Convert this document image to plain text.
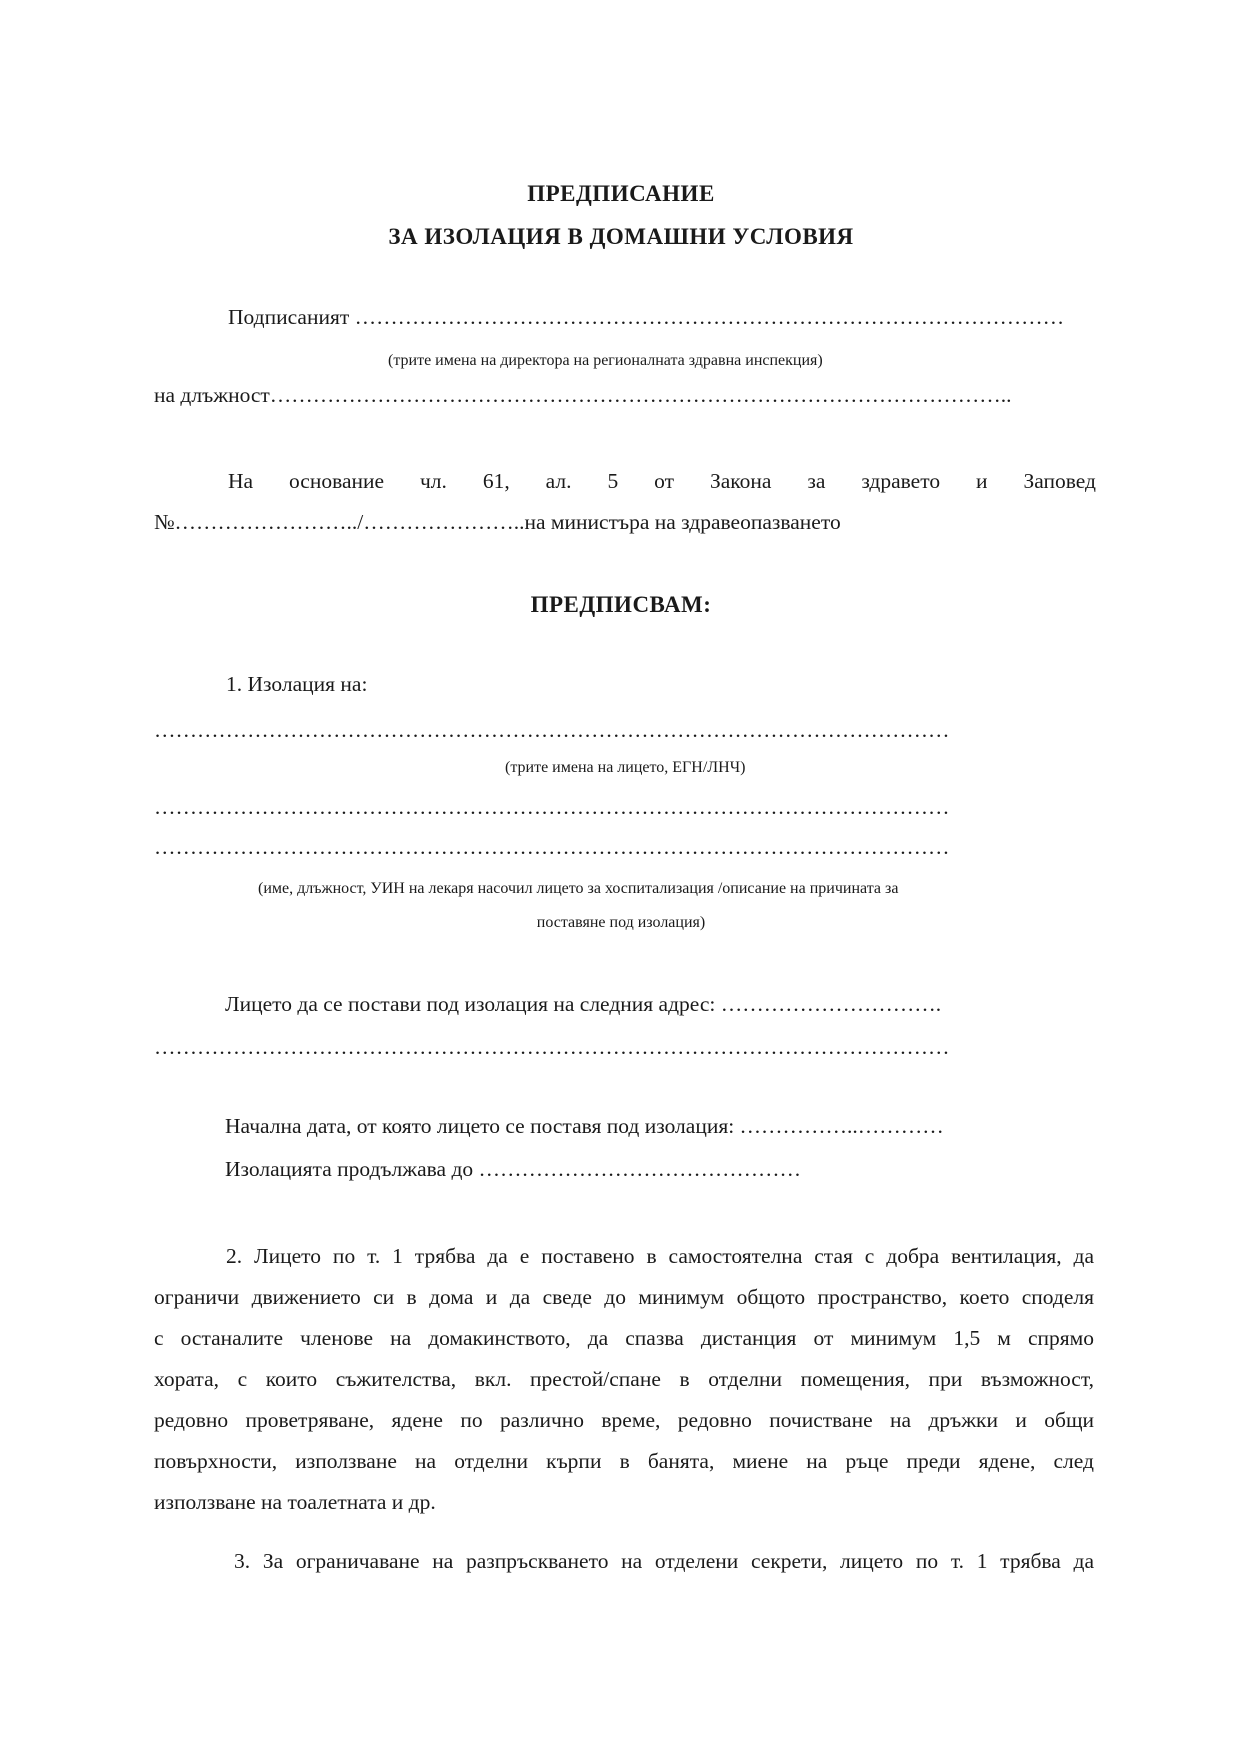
ПРЕДПИСАНИЕ
ЗА ИЗОЛАЦИЯ В ДОМАШНИ УСЛОВИЯ
Подписаният ………………………………………………………………………………………
(трите имена на директора на регионалната здравна инспекция)
на длъжност…………………………………………………………………………………………..
На основание чл. 61, ал. 5 от Закона за здравето и Заповед
№……………………../…………………..на министъра на здравеопазването
ПРЕДПИСВАМ:
1. Изолация на:
…………………………………………………………………………………………………
(трите имена на лицето, ЕГН/ЛНЧ)
…………………………………………………………………………………………………
…………………………………………………………………………………………………
(име, длъжност, УИН на лекаря насочил лицето за хоспитализация /описание на причината за
поставяне под изолация)
Лицето да се постави под изолация на следния адрес: ………………………….
…………………………………………………………………………………………………
Начална дата, от която лицето се поставя под изолация: ……………..…………
Изолацията продължава до ………………………………………
2. Лицето по т. 1 трябва да е поставено в самостоятелна стая с добра вентилация, да
ограничи движението си в дома и да сведе до минимум общото пространство, което споделя
с останалите членове на домакинството, да спазва дистанция от минимум 1,5 м спрямо
хората, с които съжителства, вкл. престой/спане в отделни помещения, при възможност,
редовно проветряване, ядене по различно време, редовно почистване на дръжки и общи
повърхности, използване на отделни кърпи в банята, миене на ръце преди ядене, след
използване на тоалетната и др.
3. За ограничаване на разпръскването на отделени секрети, лицето по т. 1 трябва да
